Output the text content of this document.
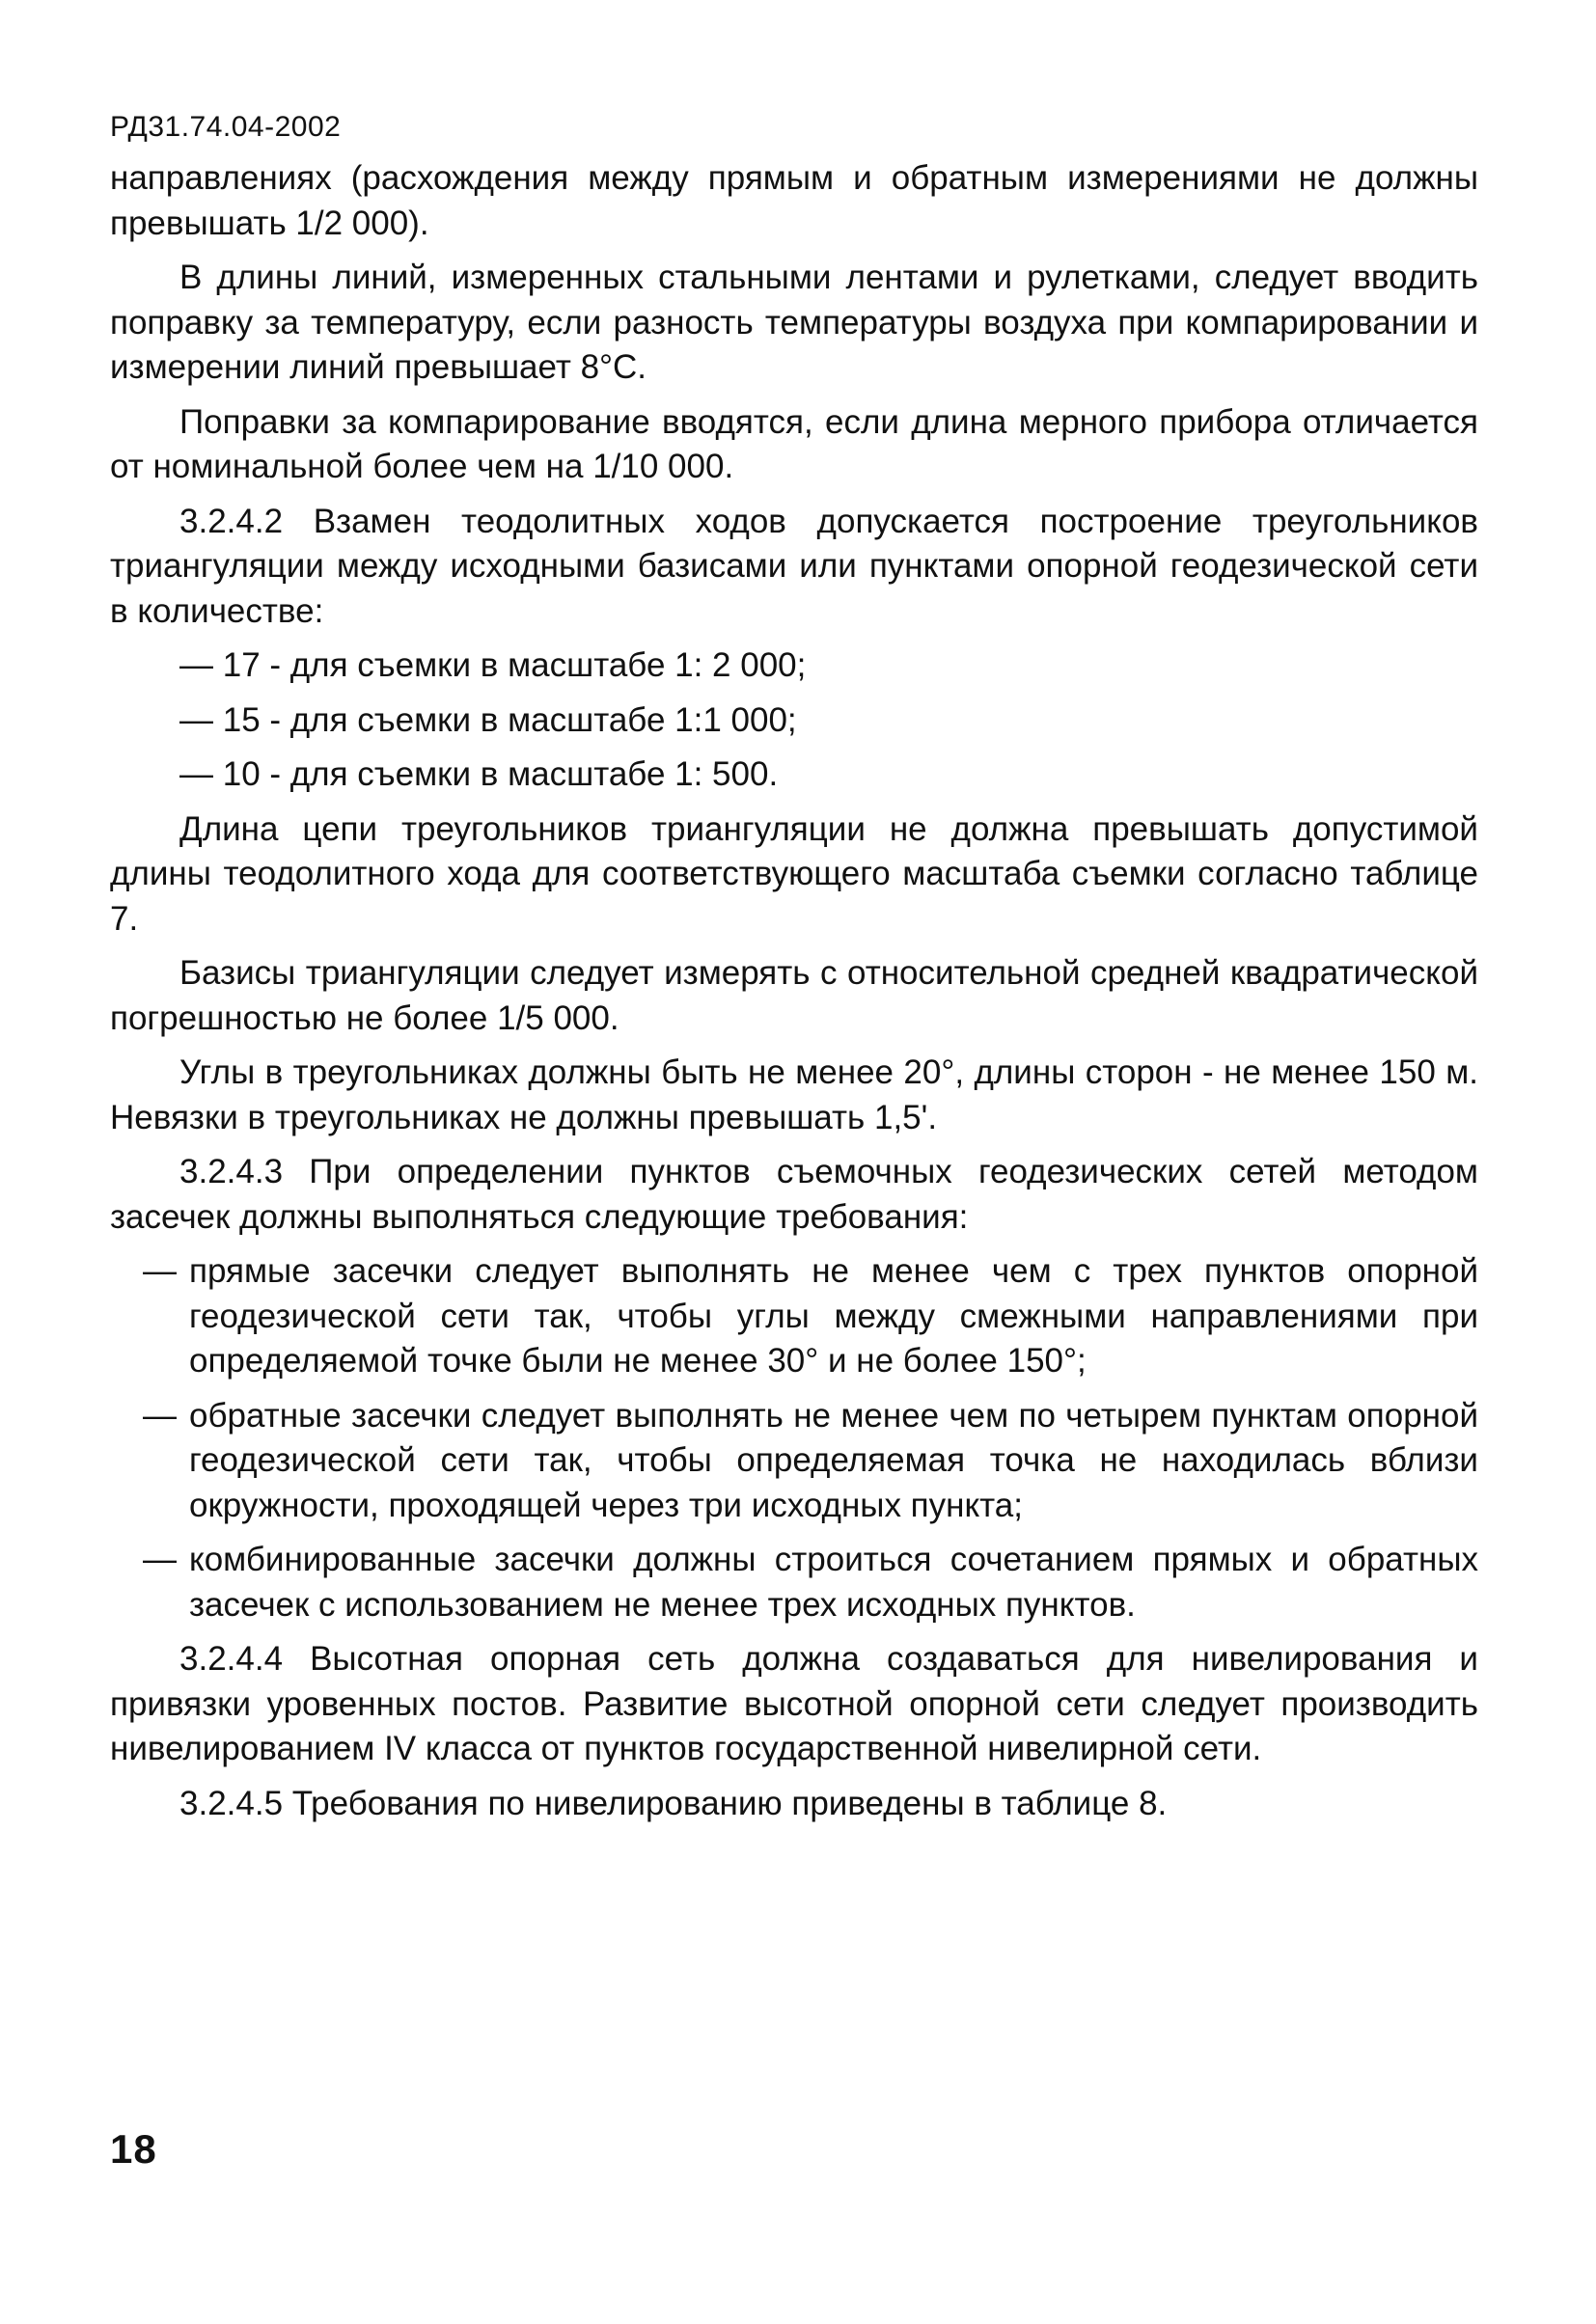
РД31.74.04-2002

направлениях (расхождения между прямым и обратным измерениями не должны превышать 1/2 000).

В длины линий, измеренных стальными лентами и рулетками, следует вводить поправку за температуру, если разность температуры воздуха при компарировании и измерении линий превышает 8°С.

Поправки за компарирование вводятся, если длина мерного прибора отличается от номинальной более чем на 1/10 000.

3.2.4.2 Взамен теодолитных ходов допускается построение треугольников триангуляции между исходными базисами или пунктами опорной геодезической сети в количестве:

— 17 - для съемки в масштабе 1: 2 000;
— 15 - для съемки в масштабе 1:1 000;
— 10 - для съемки в масштабе 1: 500.

Длина цепи треугольников триангуляции не должна превышать допустимой длины теодолитного хода для соответствующего масштаба съемки согласно таблице 7.

Базисы триангуляции следует измерять с относительной средней квадратической погрешностью не более 1/5 000.

Углы в треугольниках должны быть не менее 20°, длины сторон - не менее 150 м. Невязки в треугольниках не должны превышать 1,5'.

3.2.4.3 При определении пунктов съемочных геодезических сетей методом засечек должны выполняться следующие требования:

— прямые засечки следует выполнять не менее чем с трех пунктов опорной геодезической сети так, чтобы углы между смежными направлениями при определяемой точке были не менее 30° и не более 150°;
— обратные засечки следует выполнять не менее чем по четырем пунктам опорной геодезической сети так, чтобы определяемая точка не находилась вблизи окружности, проходящей через три исходных пункта;
— комбинированные засечки должны строиться сочетанием прямых и обратных засечек с использованием не менее трех исходных пунктов.

3.2.4.4 Высотная опорная сеть должна создаваться для нивелирования и привязки уровенных постов. Развитие высотной опорной сети следует производить нивелированием IV класса от пунктов государственной нивелирной сети.

3.2.4.5 Требования по нивелированию приведены в таблице 8.

18
